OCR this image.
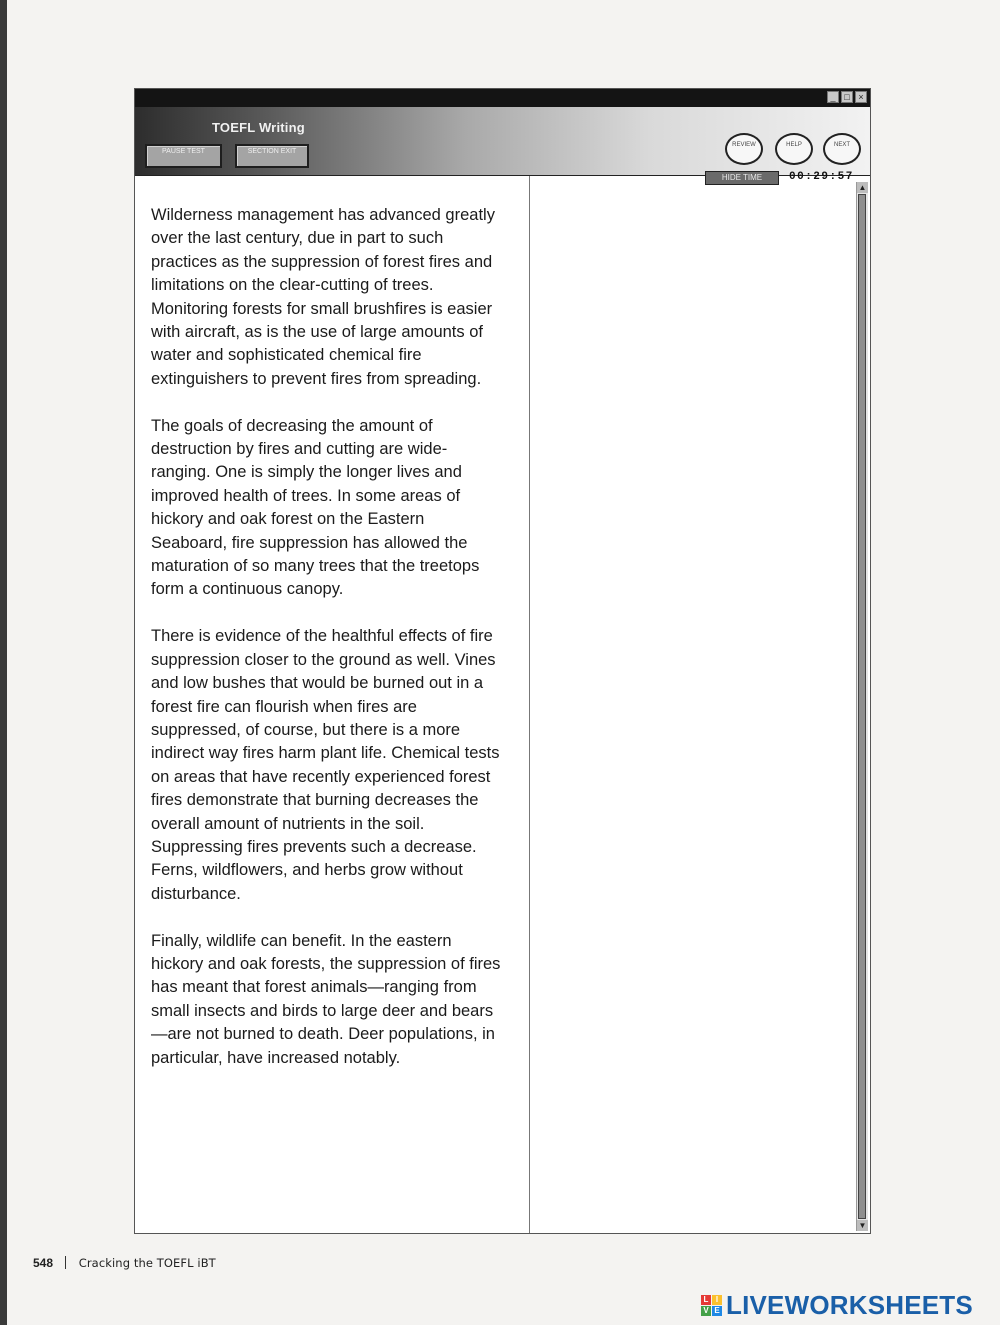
_ □ ×
TOEFL Writing
PAUSE TEST	SECTION EXIT
REVIEW	HELP	NEXT
HIDE TIME	00:29:57

Wilderness management has advanced greatly over the last century, due in part to such practices as the suppression of forest fires and limitations on the clear-cutting of trees. Monitoring forests for small brushfires is easier with aircraft, as is the use of large amounts of water and sophisticated chemical fire extinguishers to prevent fires from spreading.

The goals of decreasing the amount of destruction by fires and cutting are wide- ranging. One is simply the longer lives and improved health of trees. In some areas of hickory and oak forest on the Eastern Seaboard, fire suppression has allowed the maturation of so many trees that the treetops form a continuous canopy.

There is evidence of the healthful effects of fire suppression closer to the ground as well. Vines and low bushes that would be burned out in a forest fire can flourish when fires are suppressed, of course, but there is a more indirect way fires harm plant life. Chemical tests on areas that have recently experienced forest fires demonstrate that burning decreases the overall amount of nutrients in the soil. Suppressing fires prevents such a decrease. Ferns, wildflowers, and herbs grow without disturbance.

Finally, wildlife can benefit. In the eastern hickory and oak forests, the suppression of fires has meant that forest animals—ranging from small insects and birds to large deer and bears—are not burned to death. Deer populations, in particular, have increased notably.

▲
▼
548 Cracking the TOEFL iBT
L I
V E LIVEWORKSHEETS
